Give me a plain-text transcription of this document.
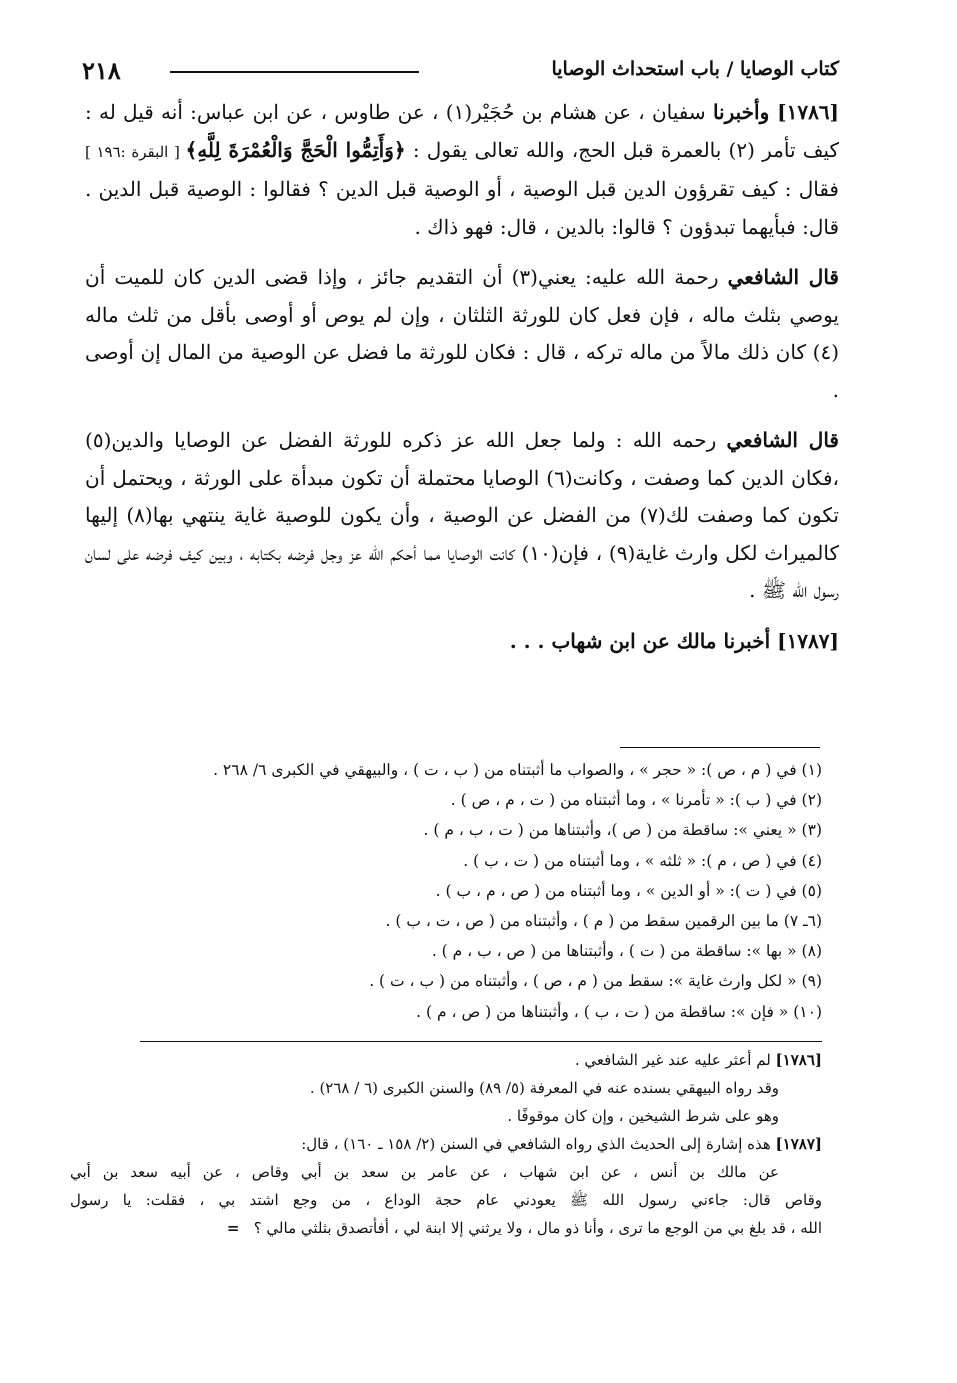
كتاب الوصايا / باب استحداث الوصايا
٢١٨

[١٧٨٦] وأخبرنا سفيان ، عن هشام بن حُجَيْر(١) ، عن طاوس ، عن ابن عباس: أنه قيل له : كيف تأمر (٢) بالعمرة قبل الحج، والله تعالى يقول : ﴿وَأَتِمُّوا الْحَجَّ وَالْعُمْرَةَ لِلَّهِ﴾ [ البقرة :١٩٦ ] فقال : كيف تقرؤون الدين قبل الوصية ، أو الوصية قبل الدين ؟ فقالوا : الوصية قبل الدين . قال: فبأيهما تبدؤون ؟ قالوا: بالدين ، قال: فهو ذاك .

قال الشافعي رحمة الله عليه: يعني(٣) أن التقديم جائز ، وإذا قضى الدين كان للميت أن يوصي بثلث ماله ، فإن فعل كان للورثة الثلثان ، وإن لم يوص أو أوصى بأقل من ثلث ماله (٤) كان ذلك مالاً من ماله تركه ، قال : فكان للورثة ما فضل عن الوصية من المال إن أوصى .

قال الشافعي رحمه الله : ولما جعل الله عز ذكره للورثة الفضل عن الوصايا والدين(٥) ،فكان الدين كما وصفت ، وكانت(٦) الوصايا محتملة أن تكون مبدأة على الورثة ، ويحتمل أن تكون كما وصفت لك(٧) من الفضل عن الوصية ، وأن يكون للوصية غاية ينتهي بها(٨) إليها كالميراث لكل وارث غاية(٩) ، فإن(١٠) كانت الوصايا مما أحكم الله عز وجل فرضه بكتابه ، وبين كيف فرضه على لسان رسول الله ﷺ .

[١٧٨٧] أخبرنا مالك عن ابن شهاب . . .

(١) في ( م ، ص ): « حجر » ، والصواب ما أثبتناه من ( ب ، ت ) ، والبيهقي في الكبرى ٦/ ٢٦٨ .
(٢) في ( ب ): « تأمرنا » ، وما أثبتناه من ( ت ، م ، ص ) .
(٣) « يعني »: ساقطة من ( ص )، وأثبتناها من ( ت ، ب ، م ) .
(٤) في ( ص ، م ): « ثلثه » ، وما أثبتناه من ( ت ، ب ) .
(٥) في ( ت ): « أو الدين » ، وما أثبتناه من ( ص ، م ، ب ) .
(٦ـ ٧) ما بين الرقمين سقط من ( م ) ، وأثبتناه من ( ص ، ت ، ب ) .
(٨) « بها »: ساقطة من ( ت ) ، وأثبتناها من ( ص ، ب ، م ) .
(٩) « لكل وارث غاية »: سقط من ( م ، ص ) ، وأثبتناه من ( ب ، ت ) .
(١٠) « فإن »: ساقطة من ( ت ، ب ) ، وأثبتناها من ( ص ، م ) .
[١٧٨٦] لم أعثر عليه عند غير الشافعي .
وقد رواه البيهقي بسنده عنه في المعرفة (٥/ ٨٩) والسنن الكبرى (٦ / ٢٦٨) .
وهو على شرط الشيخين ، وإن كان موقوفًا .
[١٧٨٧] هذه إشارة إلى الحديث الذي رواه الشافعي في السنن (٢/ ١٥٨ ـ ١٦٠) ، قال:
عن مالك بن أنس ، عن ابن شهاب ، عن عامر بن سعد بن أبي وقاص ، عن أبيه سعد بن أبي
وقاص قال: جاءني رسول الله ﷺ يعودني عام حجة الوداع ، من وجع اشتد بي ، فقلت: يا رسول
الله ، قد بلغ بي من الوجع ما ترى ، وأنا ذو مال ، ولا يرثني إلا ابنة لي ، أفأتصدق بثلثي مالي ؟   =
